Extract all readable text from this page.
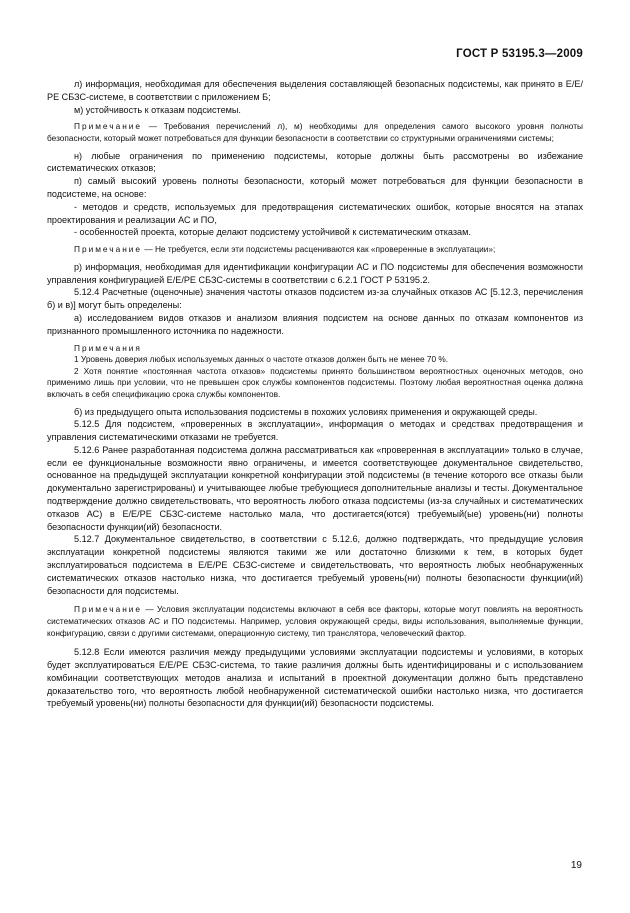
ГОСТ Р 53195.3—2009

л) информация, необходимая для обеспечения выделения составляющей безопасных подсистемы, как принято в Е/Е/РЕ СБЗС-системе, в соответствии с приложением Б;

м) устойчивость к отказам подсистемы.

Примечание — Требования перечислений л), м) необходимы для определения самого высокого уровня полноты безопасности, который может потребоваться для функции безопасности в соответствии со структурными ограничениями системы;

н) любые ограничения по применению подсистемы, которые должны быть рассмотрены во избежание систематических отказов;

п) самый высокий уровень полноты безопасности, который может потребоваться для функции безопасности в подсистеме, на основе:

- методов и средств, используемых для предотвращения систематических ошибок, которые вносятся на этапах проектирования и реализации АС и ПО,

- особенностей проекта, которые делают подсистему устойчивой к систематическим отказам.

Примечание — Не требуется, если эти подсистемы расцениваются как «проверенные в эксплуатации»;

р) информация, необходимая для идентификации конфигурации АС и ПО подсистемы для обеспечения возможности управления конфигурацией Е/Е/РЕ СБЗС-системы в соответствии с 6.2.1 ГОСТ Р 53195.2.

5.12.4 Расчетные (оценочные) значения частоты отказов подсистем из-за случайных отказов АС [5.12.3, перечисления б) и в)] могут быть определены:

а) исследованием видов отказов и анализом влияния подсистем на основе данных по отказам компонентов из признанного промышленного источника по надежности.

Примечания

1 Уровень доверия любых используемых данных о частоте отказов должен быть не менее 70 %.

2 Хотя понятие «постоянная частота отказов» подсистемы принято большинством вероятностных оценочных методов, оно применимо лишь при условии, что не превышен срок службы компонентов подсистемы. Поэтому любая вероятностная оценка должна включать в себя спецификацию срока службы компонентов.

б) из предыдущего опыта использования подсистемы в похожих условиях применения и окружающей среды.

5.12.5 Для подсистем, «проверенных в эксплуатации», информация о методах и средствах предотвращения и управления систематическими отказами не требуется.

5.12.6 Ранее разработанная подсистема должна рассматриваться как «проверенная в эксплуатации» только в случае, если ее функциональные возможности явно ограничены, и имеется соответствующее документальное свидетельство, основанное на предыдущей эксплуатации конкретной конфигурации этой подсистемы (в течение которого все отказы были документально зарегистрированы) и учитывающее любые требующиеся дополнительные анализы и тесты. Документальное подтверждение должно свидетельствовать, что вероятность любого отказа подсистемы (из-за случайных и систематических отказов АС) в Е/Е/РЕ СБЗС-системе настолько мала, что достигается(ются) требуемый(ые) уровень(ни) полноты безопасности функции(ий) безопасности.

5.12.7 Документальное свидетельство, в соответствии с 5.12.6, должно подтверждать, что предыдущие условия эксплуатации конкретной подсистемы являются такими же или достаточно близкими к тем, в которых будет эксплуатироваться подсистема в Е/Е/РЕ СБЗС-системе и свидетельствовать, что вероятность любых необнаруженных систематических отказов настолько низка, что достигается требуемый уровень(ни) полноты безопасности функции(ий) безопасности для подсистемы.

Примечание — Условия эксплуатации подсистемы включают в себя все факторы, которые могут повлиять на вероятность систематических отказов АС и ПО подсистемы. Например, условия окружающей среды, виды использования, выполняемые функции, конфигурацию, связи с другими системами, операционную систему, тип транслятора, человеческий фактор.

5.12.8 Если имеются различия между предыдущими условиями эксплуатации подсистемы и условиями, в которых будет эксплуатироваться Е/Е/РЕ СБЗС-система, то такие различия должны быть идентифицированы и с использованием комбинации соответствующих методов анализа и испытаний в проектной документации должно быть представлено доказательство того, что вероятность любой необнаруженной систематической ошибки настолько низка, что достигается требуемый уровень(ни) полноты безопасности для функции(ий) безопасности подсистемы.

19
